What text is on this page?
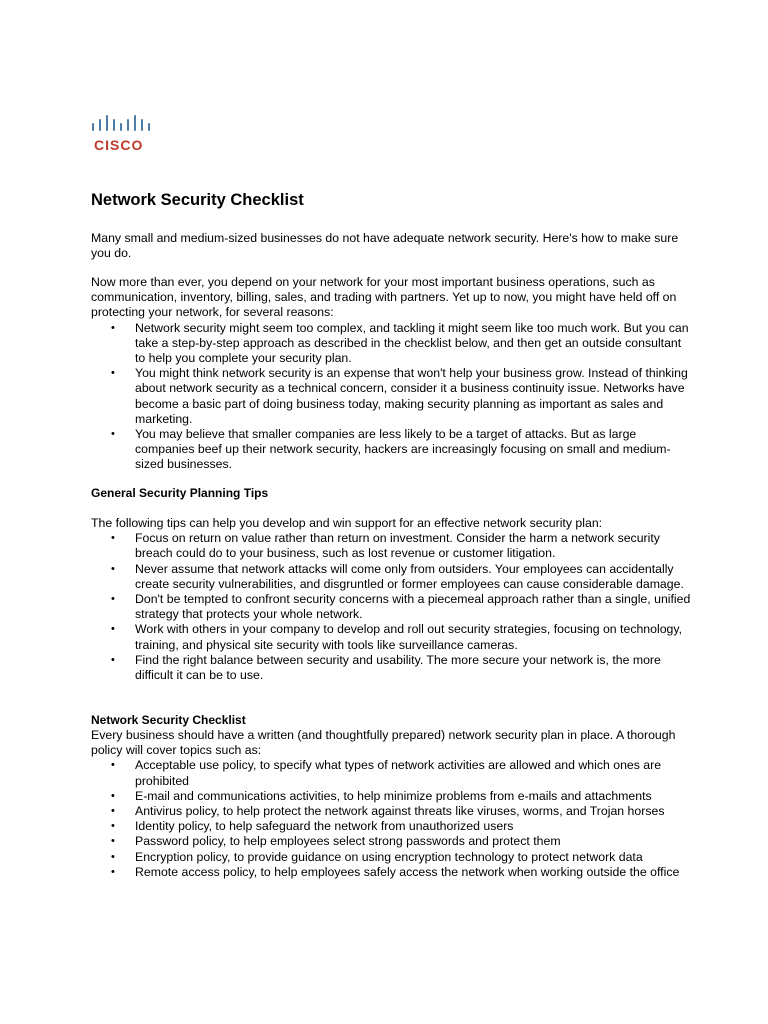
CISCO
Network Security Checklist

Many small and medium-sized businesses do not have adequate network security. Here's how to make sure you do.

Now more than ever, you depend on your network for your most important business operations, such as communication, inventory, billing, sales, and trading with partners. Yet up to now, you might have held off on protecting your network, for several reasons:

• Network security might seem too complex, and tackling it might seem like too much work. But you can take a step-by-step approach as described in the checklist below, and then get an outside consultant to help you complete your security plan.
• You might think network security is an expense that won't help your business grow. Instead of thinking about network security as a technical concern, consider it a business continuity issue. Networks have become a basic part of doing business today, making security planning as important as sales and marketing.
• You may believe that smaller companies are less likely to be a target of attacks. But as large companies beef up their network security, hackers are increasingly focusing on small and medium-sized businesses.
General Security Planning Tips

The following tips can help you develop and win support for an effective network security plan:

• Focus on return on value rather than return on investment. Consider the harm a network security breach could do to your business, such as lost revenue or customer litigation.
• Never assume that network attacks will come only from outsiders. Your employees can accidentally create security vulnerabilities, and disgruntled or former employees can cause considerable damage.
• Don't be tempted to confront security concerns with a piecemeal approach rather than a single, unified strategy that protects your whole network.
• Work with others in your company to develop and roll out security strategies, focusing on technology, training, and physical site security with tools like surveillance cameras.
• Find the right balance between security and usability. The more secure your network is, the more difficult it can be to use.
Network Security Checklist

Every business should have a written (and thoughtfully prepared) network security plan in place. A thorough policy will cover topics such as:

• Acceptable use policy, to specify what types of network activities are allowed and which ones are prohibited
• E-mail and communications activities, to help minimize problems from e-mails and attachments
• Antivirus policy, to help protect the network against threats like viruses, worms, and Trojan horses
• Identity policy, to help safeguard the network from unauthorized users
• Password policy, to help employees select strong passwords and protect them
• Encryption policy, to provide guidance on using encryption technology to protect network data
• Remote access policy, to help employees safely access the network when working outside the office
